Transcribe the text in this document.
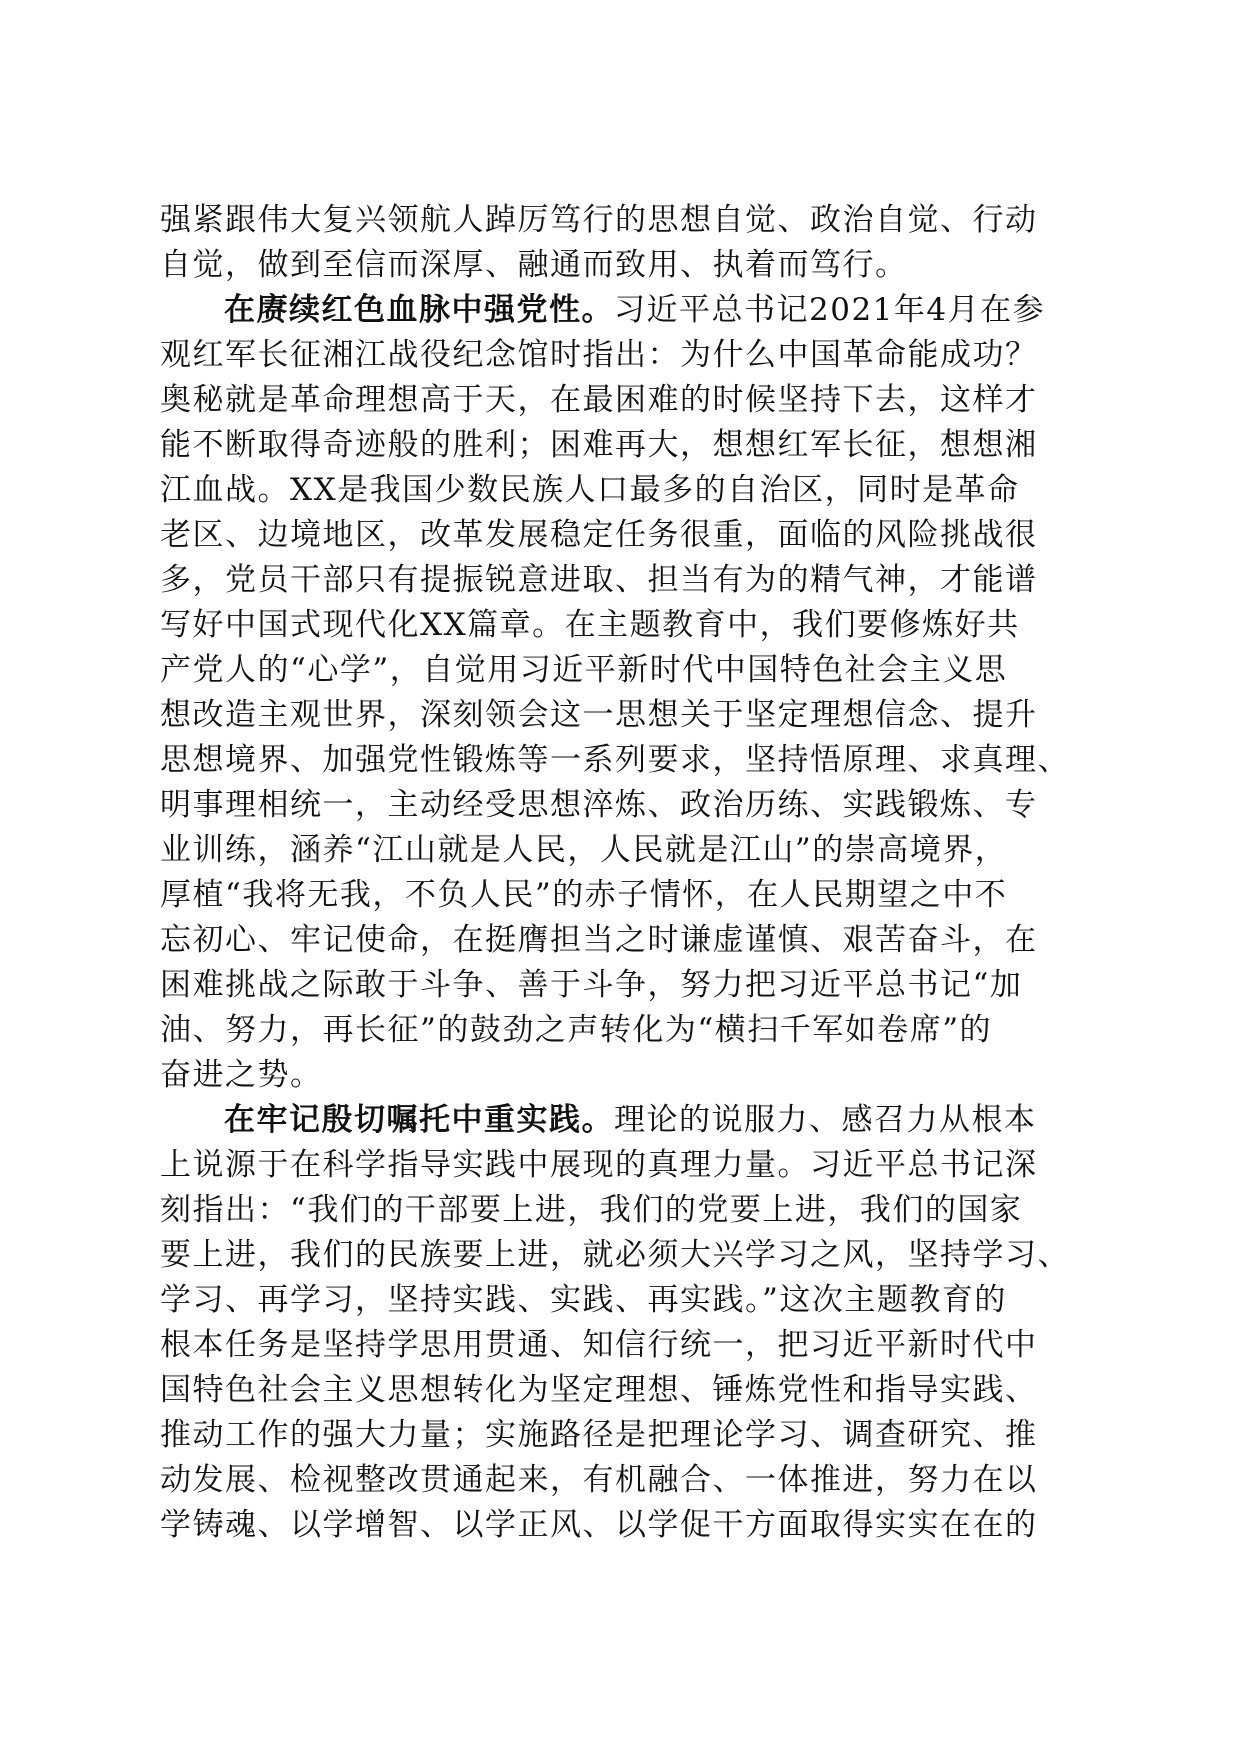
强紧跟伟大复兴领航人踔厉笃行的思想自觉、政治自觉、行动
自觉，做到至信而深厚、融通而致用、执着而笃行。
在赓续红色血脉中强党性。习近平总书记2021年4月在参
观红军长征湘江战役纪念馆时指出：为什么中国革命能成功？
奥秘就是革命理想高于天，在最困难的时候坚持下去，这样才
能不断取得奇迹般的胜利；困难再大，想想红军长征，想想湘
江血战。XX是我国少数民族人口最多的自治区，同时是革命
老区、边境地区，改革发展稳定任务很重，面临的风险挑战很
多，党员干部只有提振锐意进取、担当有为的精气神，才能谱
写好中国式现代化XX篇章。在主题教育中，我们要修炼好共
产党人的“心学”，自觉用习近平新时代中国特色社会主义思
想改造主观世界，深刻领会这一思想关于坚定理想信念、提升
思想境界、加强党性锻炼等一系列要求，坚持悟原理、求真理、
明事理相统一，主动经受思想淬炼、政治历练、实践锻炼、专
业训练，涵养“江山就是人民，人民就是江山”的崇高境界，
厚植“我将无我，不负人民”的赤子情怀，在人民期望之中不
忘初心、牢记使命，在挺膺担当之时谦虚谨慎、艰苦奋斗，在
困难挑战之际敢于斗争、善于斗争，努力把习近平总书记“加
油、努力，再长征”的鼓劲之声转化为“横扫千军如卷席”的
奋进之势。
在牢记殷切嘱托中重实践。理论的说服力、感召力从根本
上说源于在科学指导实践中展现的真理力量。习近平总书记深
刻指出：“我们的干部要上进，我们的党要上进，我们的国家
要上进，我们的民族要上进，就必须大兴学习之风，坚持学习、
学习、再学习，坚持实践、实践、再实践。”这次主题教育的
根本任务是坚持学思用贯通、知信行统一，把习近平新时代中
国特色社会主义思想转化为坚定理想、锤炼党性和指导实践、
推动工作的强大力量；实施路径是把理论学习、调查研究、推
动发展、检视整改贯通起来，有机融合、一体推进，努力在以
学铸魂、以学增智、以学正风、以学促干方面取得实实在在的
